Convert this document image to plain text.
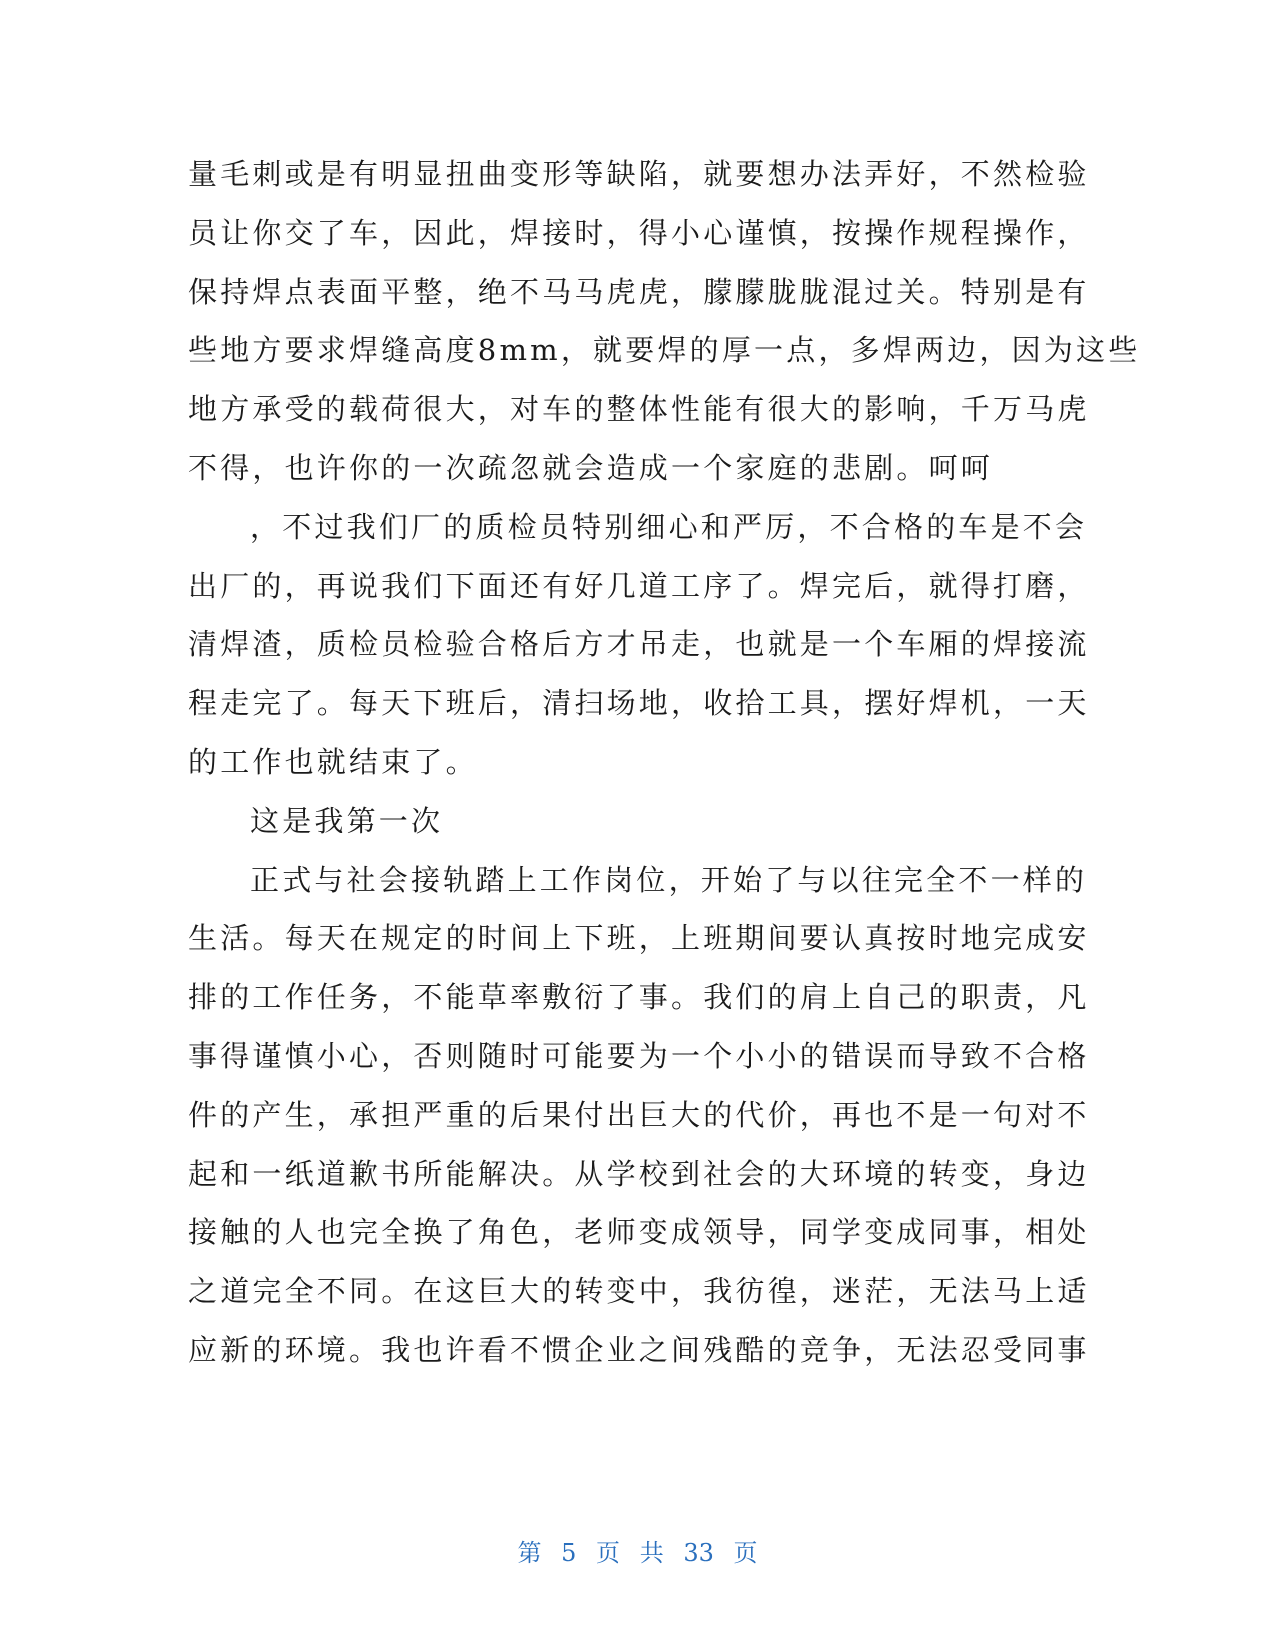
量毛刺或是有明显扭曲变形等缺陷，就要想办法弄好，不然检验
员让你交了车，因此，焊接时，得小心谨慎，按操作规程操作，
保持焊点表面平整，绝不马马虎虎，朦朦胧胧混过关。特别是有
些地方要求焊缝高度8mm，就要焊的厚一点，多焊两边，因为这些
地方承受的载荷很大，对车的整体性能有很大的影响，千万马虎
不得，也许你的一次疏忽就会造成一个家庭的悲剧。呵呵
，不过我们厂的质检员特别细心和严厉，不合格的车是不会
出厂的，再说我们下面还有好几道工序了。焊完后，就得打磨，
清焊渣，质检员检验合格后方才吊走，也就是一个车厢的焊接流
程走完了。每天下班后，清扫场地，收拾工具，摆好焊机，一天
的工作也就结束了。
这是我第一次
正式与社会接轨踏上工作岗位，开始了与以往完全不一样的
生活。每天在规定的时间上下班，上班期间要认真按时地完成安
排的工作任务，不能草率敷衍了事。我们的肩上自己的职责，凡
事得谨慎小心，否则随时可能要为一个小小的错误而导致不合格
件的产生，承担严重的后果付出巨大的代价，再也不是一句对不
起和一纸道歉书所能解决。从学校到社会的大环境的转变，身边
接触的人也完全换了角色，老师变成领导，同学变成同事，相处
之道完全不同。在这巨大的转变中，我彷徨，迷茫，无法马上适
应新的环境。我也许看不惯企业之间残酷的竞争，无法忍受同事
第 5 页 共 33 页
